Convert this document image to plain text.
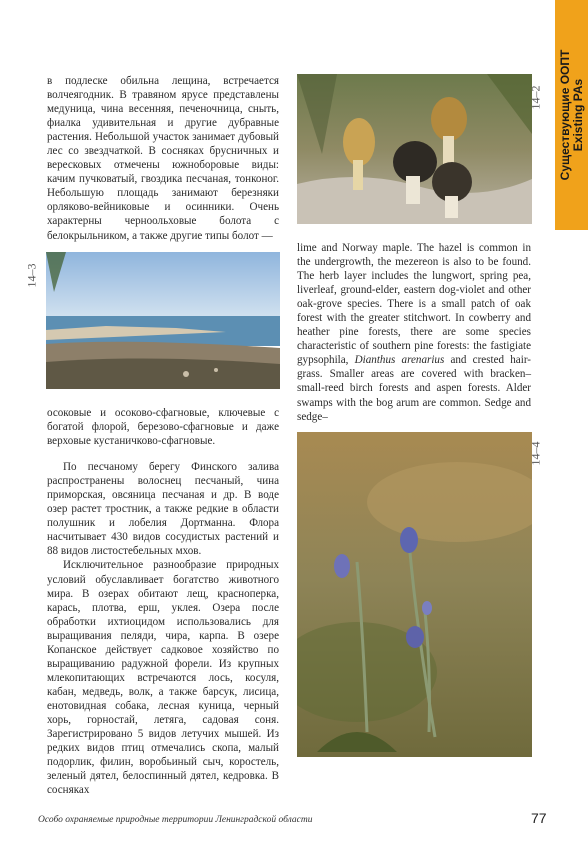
Существующие ООПТ Existing PAs
14–2
14–3
14–4

в подлеске обильна лещина, встречается волчеягодник. В травяном ярусе представлены медуница, чина весенняя, печеночница, сныть, фиалка удивительная и другие дубравные растения. Небольшой участок занимает дубовый лес со звездчаткой. В сосняках брусничных и вересковых отмечены южноборовые виды: качим пучковатый, гвоздика песчаная, тонконог. Небольшую площадь занимают березняки орляково-вейниковые и осинники. Очень характерны черноольховые болота с белокрыльником, а также другие типы болот —

осоковые и осоково-сфагновые, ключевые с богатой флорой, березово-сфагновые и даже верховые кустаничково-сфагновые.

По песчаному берегу Финского залива распространены волоснец песчаный, чина приморская, овсяница песчаная и др. В воде озер растет тростник, а также редкие в области полушник и лобелия Дортманна. Флора насчитывает 430 видов сосудистых растений и 88 видов листостебельных мхов.

Исключительное разнообразие природных условий обуславливает богатство животного мира. В озерах обитают лещ, красноперка, карась, плотва, ерш, уклея. Озера после обработки ихтиоцидом использовались для выращивания пеляди, чира, карпа. В озере Копанское действует садковое хозяйство по выращиванию радужной форели. Из крупных млекопитающих встречаются лось, косуля, кабан, медведь, волк, а также барсук, лисица, енотовидная собака, лесная куница, черный хорь, горностай, летяга, садовая соня. Зарегистрировано 5 видов летучих мышей. Из редких видов птиц отмечались скопа, малый подорлик, филин, воробьиный сыч, коростель, зеленый дятел, белоспинный дятел, кедровка. В сосняках

lime and Norway maple. The hazel is common in the undergrowth, the mezereon is also to be found. The herb layer includes the lungwort, spring pea, liverleaf, ground-elder, eastern dog-violet and other oak-grove species. There is a small patch of oak forest with the greater stitchwort. In cowberry and heather pine forests, there are some species characteristic of southern pine forests: the fastigiate gypsophila, Dianthus arenarius and crested hair-grass. Smaller areas are covered with bracken–small-reed birch forests and aspen forests. Alder swamps with the bog arum are common. Sedge and sedge–

Особо охраняемые природные территории Ленинградской области	77
